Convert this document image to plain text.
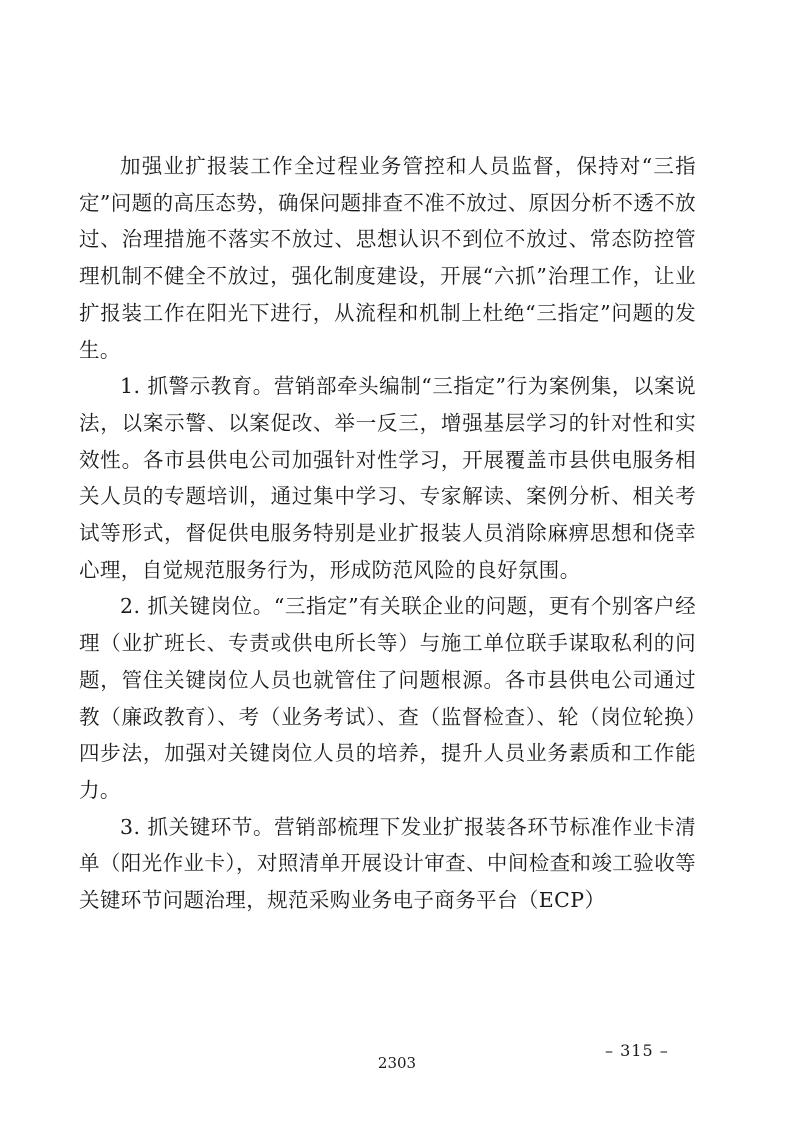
加强业扩报装工作全过程业务管控和人员监督，保持对“三指定”问题的高压态势，确保问题排查不准不放过、原因分析不透不放过、治理措施不落实不放过、思想认识不到位不放过、常态防控管理机制不健全不放过，强化制度建设，开展“六抓”治理工作，让业扩报装工作在阳光下进行，从流程和机制上杜绝“三指定”问题的发生。

1. 抓警示教育。营销部牵头编制“三指定”行为案例集，以案说法，以案示警、以案促改、举一反三，增强基层学习的针对性和实效性。各市县供电公司加强针对性学习，开展覆盖市县供电服务相关人员的专题培训，通过集中学习、专家解读、案例分析、相关考试等形式，督促供电服务特别是业扩报装人员消除麻痹思想和侥幸心理，自觉规范服务行为，形成防范风险的良好氛围。

2. 抓关键岗位。“三指定”有关联企业的问题，更有个别客户经理（业扩班长、专责或供电所长等）与施工单位联手谋取私利的问题，管住关键岗位人员也就管住了问题根源。各市县供电公司通过教（廉政教育）、考（业务考试）、查（监督检查）、轮（岗位轮换）四步法，加强对关键岗位人员的培养，提升人员业务素质和工作能力。

3. 抓关键环节。营销部梳理下发业扩报装各环节标准作业卡清单（阳光作业卡），对照清单开展设计审查、中间检查和竣工验收等关键环节问题治理，规范采购业务电子商务平台（ECP）

– 315 –
2303
